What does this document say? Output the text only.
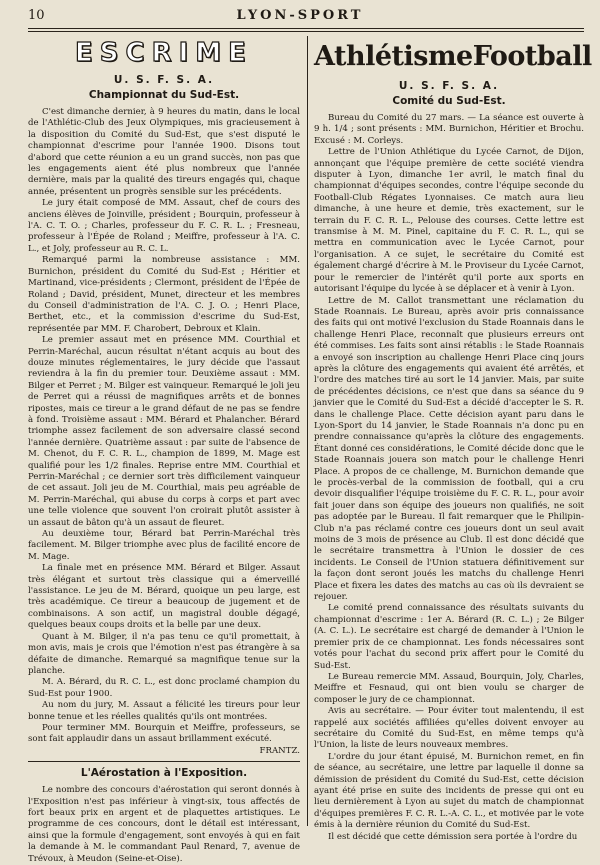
10	LYON-SPORT
ESCRIME
U. S. F. S. A.
Championnat du Sud-Est.

C'est dimanche dernier, à 9 heures du matin, dans le local de l'Athlétic-Club des Jeux Olympiques, mis gracieusement à la disposition du Comité du Sud-Est, que s'est disputé le championnat d'escrime pour l'année 1900. Disons tout d'abord que cette réunion a eu un grand succès, non pas que les engagements aient été plus nombreux que l'année dernière, mais par la qualité des tireurs engagés qui, chaque année, présentent un progrès sensible sur les précédents.

Le jury était composé de MM. Assaut, chef de cours des anciens élèves de Joinville, président ; Bourquin, professeur à l'A. C. T. O. ; Charles, professeur du F. C. R. L. ; Fresneau, professeur à l'Épée de Roland ; Meiffre, professeur à l'A. C. L., et Joly, professeur au R. C. L.

Remarqué parmi la nombreuse assistance : MM. Burnichon, président du Comité du Sud-Est ; Héritier et Martinand, vice-présidents ; Clermont, président de l'Épée de Roland ; David, président, Munet, directeur et les membres du Conseil d'administration de l'A. C. J. O. ; Henri Place, Berthet, etc., et la commission d'escrime du Sud-Est, représentée par MM. F. Charobert, Debroux et Klain.

Le premier assaut met en présence MM. Courthial et Perrin-Maréchal, aucun résultat n'étant acquis au bout des douze minutes réglementaires, le jury décide que l'assaut reviendra à la fin du premier tour. Deuxième assaut : MM. Bilger et Perret ; M. Bilger est vainqueur. Remarqué le joli jeu de Perret qui a réussi de magnifiques arrêts et de bonnes ripostes, mais ce tireur a le grand défaut de ne pas se fendre à fond. Troisième assaut : MM. Bérard et Phalancher. Bérard triomphe assez facilement de son adversaire classé second l'année dernière. Quatrième assaut : par suite de l'absence de M. Chenot, du F. C. R. L., champion de 1899, M. Mage est qualifié pour les 1/2 finales. Reprise entre MM. Courthial et Perrin-Maréchal ; ce dernier sort très difficilement vainqueur de cet assaut. Joli jeu de M. Courthial, mais peu agréable de M. Perrin-Maréchal, qui abuse du corps à corps et part avec une telle violence que souvent l'on croirait plutôt assister à un assaut de bâton qu'à un assaut de fleuret.

Au deuxième tour, Bérard bat Perrin-Maréchal très facilement. M. Bilger triomphe avec plus de facilité encore de M. Mage.

La finale met en présence MM. Bérard et Bilger. Assaut très élégant et surtout très classique qui a émerveillé l'assistance. Le jeu de M. Bérard, quoique un peu large, est très académique. Ce tireur a beaucoup de jugement et de combinaisons. A son actif, un magistral double dégagé, quelques beaux coups droits et la belle par une deux.

Quant à M. Bilger, il n'a pas tenu ce qu'il promettait, à mon avis, mais je crois que l'émotion n'est pas étrangère à sa défaite de dimanche. Remarqué sa magnifique tenue sur la planche.

M. A. Bérard, du R. C. L., est donc proclamé champion du Sud-Est pour 1900.

Au nom du jury, M. Assaut a félicité les tireurs pour leur bonne tenue et les réelles qualités qu'ils ont montrées.

Pour terminer MM. Bourquin et Meiffre, professeurs, se sont fait applaudir dans un assaut brillamment exécuté.

FRANTZ.
L'Aérostation à l'Exposition.

Le nombre des concours d'aérostation qui seront donnés à l'Exposition n'est pas inférieur à vingt-six, tous affectés de fort beaux prix en argent et de plaquettes artistiques. Le programme de ces concours, dont le détail est intéressant, ainsi que la formule d'engagement, sont envoyés à qui en fait la demande à M. le commandant Paul Renard, 7, avenue de Trévoux, à Meudon (Seine-et-Oise).

Athlétisme Football
U. S. F. S. A.
Comité du Sud-Est.

Bureau du Comité du 27 mars. — La séance est ouverte à 9 h. 1/4 ; sont présents : MM. Burnichon, Héritier et Brochu. Excusé : M. Corleys.

Lettre de l'Union Athlétique du Lycée Carnot, de Dijon, annonçant que l'équipe première de cette société viendra disputer à Lyon, dimanche 1er avril, le match final du championnat d'équipes secondes, contre l'équipe seconde du Football-Club Régates Lyonnaises. Ce match aura lieu dimanche, à une heure et demie, très exactement, sur le terrain du F. C. R. L., Pelouse des courses. Cette lettre est transmise à M. M. Pinel, capitaine du F. C. R. L., qui se mettra en communication avec le Lycée Carnot, pour l'organisation. A ce sujet, le secrétaire du Comité est également chargé d'écrire à M. le Proviseur du Lycée Carnot, pour le remercier de l'intérêt qu'il porte aux sports en autorisant l'équipe du lycée à se déplacer et à venir à Lyon.

Lettre de M. Callot transmettant une réclamation du Stade Roannais. Le Bureau, après avoir pris connaissance des faits qui ont motivé l'exclusion du Stade Roannais dans le challenge Henri Place, reconnaît que plusieurs erreurs ont été commises. Les faits sont ainsi rétablis : le Stade Roannais a envoyé son inscription au challenge Henri Place cinq jours après la clôture des engagements qui avaient été arrêtés, et l'ordre des matches tiré au sort le 14 janvier. Mais, par suite de précédentes décisions, ce n'est que dans sa séance du 9 janvier que le Comité du Sud-Est a décidé d'accepter le S. R. dans le challenge Place. Cette décision ayant paru dans le Lyon-Sport du 14 janvier, le Stade Roannais n'a donc pu en prendre connaissance qu'après la clôture des engagements. Étant donné ces considérations, le Comité décide donc que le Stade Roannais jouera son match pour le challenge Henri Place. A propos de ce challenge, M. Burnichon demande que le procès-verbal de la commission de football, qui a cru devoir disqualifier l'équipe troisième du F. C. R. L., pour avoir fait jouer dans son équipe des joueurs non qualifiés, ne soit pas adoptée par le Bureau. Il fait remarquer que le Philipin-Club n'a pas réclamé contre ces joueurs dont un seul avait moins de 3 mois de présence au Club. Il est donc décidé que le secrétaire transmettra à l'Union le dossier de ces incidents. Le Conseil de l'Union statuera définitivement sur la façon dont seront joués les matchs du challenge Henri Place et fixera les dates des matchs au cas où ils devraient se rejouer.

Le comité prend connaissance des résultats suivants du championnat d'escrime : 1er A. Bérard (R. C. L.) ; 2e Bilger (A. C. L.). Le secrétaire est chargé de demander à l'Union le premier prix de ce championnat. Les fonds nécessaires sont votés pour l'achat du second prix affert pour le Comité du Sud-Est.

Le Bureau remercie MM. Assaud, Bourquin, Joly, Charles, Meiffre et Fesnaud, qui ont bien voulu se charger de composer le jury de ce championnat.

Avis au secrétaire. — Pour éviter tout malentendu, il est rappelé aux sociétés affiliées qu'elles doivent envoyer au secrétaire du Comité du Sud-Est, en même temps qu'à l'Union, la liste de leurs nouveaux membres.

L'ordre du jour étant épuisé, M. Burnichon remet, en fin de séance, au secrétaire, une lettre par laquelle il donne sa démission de président du Comité du Sud-Est, cette décision ayant été prise en suite des incidents de presse qui ont eu lieu dernièrement à Lyon au sujet du match de championnat d'équipes premières F. C. R. L.-A. C. L., et motivée par le vote émis à la dernière réunion du Comité du Sud-Est.

Il est décidé que cette démission sera portée à l'ordre du
